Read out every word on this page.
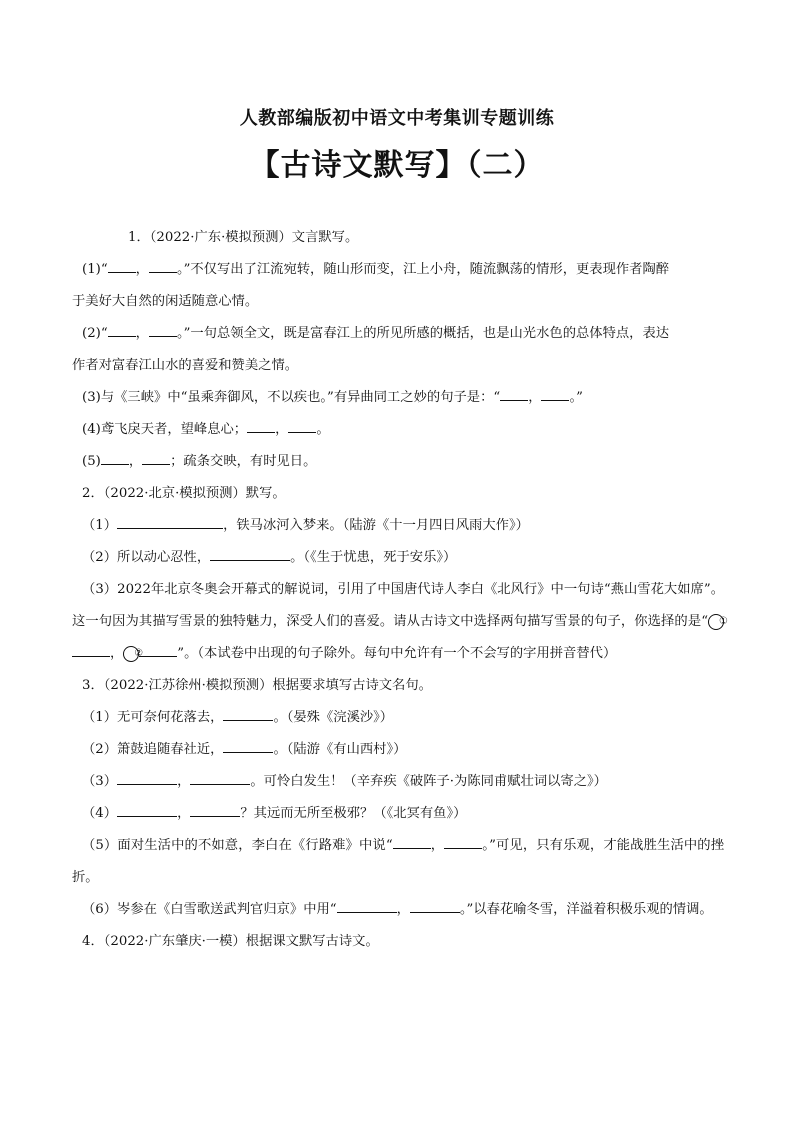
人教部编版初中语文中考集训专题训练
【古诗文默写】（二）
1．（2022·广东·模拟预测）文言默写。
(1)“ ， 。”不仅写出了江流宛转，随山形而变，江上小舟，随流飘荡的情形，更表现作者陶醉
于美好大自然的闲适随意心情。
(2)“ ， 。”一句总领全文，既是富春江上的所见所感的概括，也是山光水色的总体特点，表达
作者对富春江山水的喜爱和赞美之情。
(3)与《三峡》中“虽乘奔御风，不以疾也。”有异曲同工之妙的句子是：“ ， 。”
(4)鸢飞戾天者，望峰息心； ， 。
(5) ， ；疏条交映，有时见日。
2．（2022·北京·模拟预测）默写。
（1）	，铁马冰河入梦来。（陆游《十一月四日风雨大作》）
（2）所以动心忍性，	。（《生于忧患，死于安乐》）
（3）2022年北京冬奥会开幕式的解说词，引用了中国唐代诗人李白《北风行》中一句诗“燕山雪花大如席”。这一句因为其描写雪景的独特魅力，深受人们的喜爱。请从古诗文中选择两句描写雪景的句子，你选择的是“ ①， ②	”。（本试卷中出现的句子除外。每句中允许有一个不会写的字用拼音替代）
3．（2022·江苏徐州·模拟预测）根据要求填写古诗文名句。
（1）无可奈何花落去，	。（晏殊《浣溪沙》）
（2）箫鼓追随春社近，	。（陆游《有山西村》）
（3）	，	。可怜白发生！（辛弃疾《破阵子·为陈同甫赋壮词以寄之》）
（4）	，	？其远而无所至极邪？（《北冥有鱼》）
（5）面对生活中的不如意，李白在《行路难》中说“	，	。”可见，只有乐观，才能战胜生活中的挫折。
（6）岑参在《白雪歌送武判官归京》中用“	，	。”以春花喻冬雪，洋溢着积极乐观的情调。
4．（2022·广东肇庆·一模）根据课文默写古诗文。
